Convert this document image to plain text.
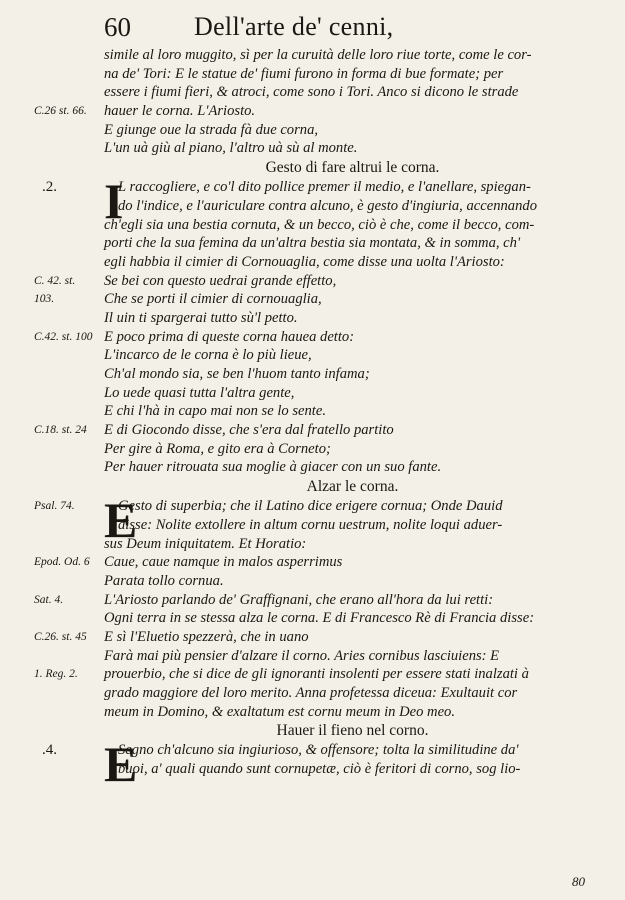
60 Dell'arte de' cenni,
simile al loro muggito, sì per la curuità delle loro riue torte, come le cor-
na de' Tori: E le statue de' fiumi furono in forma di bue formate; per
essere i fiumi fieri, & atroci, come sono i Tori. Anco si dicono le strade
C.26 st. 66. hauer le corna. L'Ariosto.
E giunge oue la strada fà due corna,
L'un uà giù al piano, l'altro uà sù al monte.
Gesto di fare altrui le corna.
.2. I
L raccogliere, e co'l dito pollice premer il medio, e l'anellare, spiegan-
do l'indice, e l'auriculare contra alcuno, è gesto d'ingiuria, accennando
ch'egli sia una bestia cornuta, & un becco, ciò è che, come il becco, com-
porti che la sua femina da un'altra bestia sia montata, & in somma, ch'
egli habbia il cimier di Cornouaglia, come disse una uolta l'Ariosto:
C. 42. st. Se bei con questo uedrai grande effetto,
103.	Che se porti il cimier di cornouaglia,
Il uin ti spargerai tutto sù'l petto.
C.42. st. 100 E poco prima di queste corna hauea detto:
L'incarco de le corna è lo più lieue,
Ch'al mondo sia, se ben l'huom tanto infama;
Lo uede quasi tutta l'altra gente,
E chi l'hà in capo mai non se lo sente.
C.18. st. 24 E di Giocondo disse, che s'era dal fratello partito
Per gire à Roma, e gito era à Corneto;
Per hauer ritrouata sua moglie à giacer con un suo fante.
Alzar le corna.
Psal. 74. E
Gesto di superbia; che il Latino dice erigere cornua; Onde Dauid
disse: Nolite extollere in altum cornu uestrum, nolite loqui aduer-
sus Deum iniquitatem. Et Horatio:
Epod. Od. 6 Caue, caue namque in malos asperrimus
Parata tollo cornua.
Sat. 4.	L'Ariosto parlando de' Graffignani, che erano all'hora da lui retti:
Ogni terra in se stessa alza le corna. E di Francesco Rè di Francia disse:
C.26. st. 45 E sì l'Eluetio spezzerà, che in uano
Farà mai più pensier d'alzare il corno. Aries cornibus lasciuiens: E
1. Reg. 2. prouerbio, che si dice de gli ignoranti insolenti per essere stati inalzati à
grado maggiore del loro merito. Anna profetessa diceua: Exultauit cor
meum in Domino, & exaltatum est cornu meum in Deo meo.
Hauer il fieno nel corno.
.4. E
Segno ch'alcuno sia ingiurioso, & offensore; tolta la similitudine da'
buoi, a' quali quando sunt cornupetæ, ciò è feritori di corno, sog lio-
80
